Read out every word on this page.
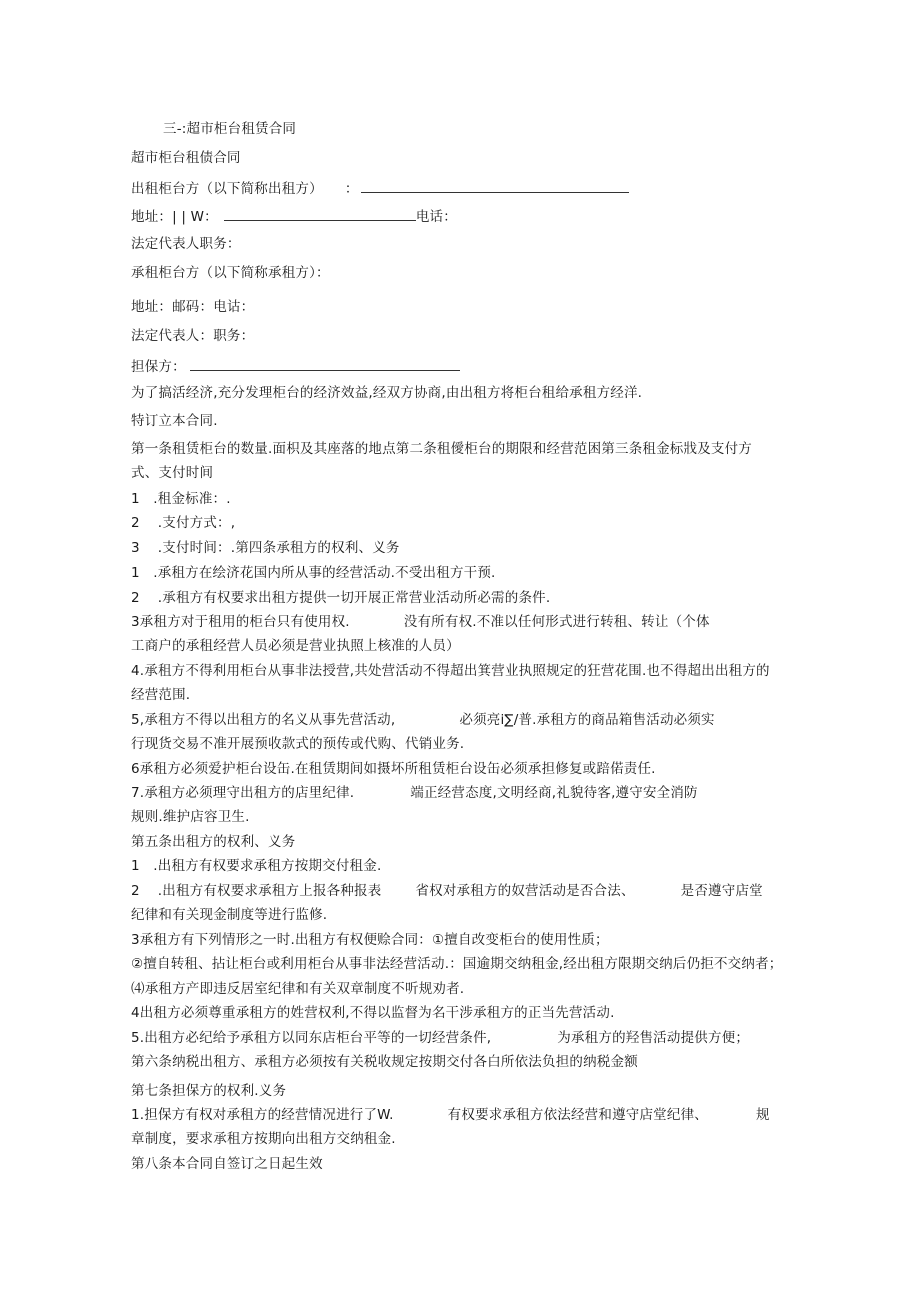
三-:超市柜台租赁合同
超市柜台租债合同
出租柜台方（以下简称出租方） ：
地址：| | W：	电话：
法定代表人职务：
承租柜台方（以下简称承租方）：
地址：邮码：电诂：
法定代表人：职务：
担保方：
为了搞活经济,充分发理柜台的经济效益,经双方协商,由出租方将柜台租给承租方经洋.
特订立本合同.
第一条租赁柜台的数量.面枳及其座落的地点第二条租僾柜台的期限和经营范困第三条租金标戕及支付方
式、支付时间
1   .租金标准：.
2    .支付方式：,
3    .支付时间：.第四条承租方的权利、义务
1   .承租方在绘济花国内所从事的经营活动.不受出租方干预.
2    .承租方有权要求出租方提供一切开展正常营业活动所必需的条件.
3承租方对于租用的柜台只有使用权.	没有所有权.不准以任何形式进行转租、转让（个体
工商户的承租经营人员必须是营业执照上核准的人员）
4.承租方不得利用柜台从事非法授营,共处营活动不得超出箕营业执照规定的狂营花围.也不得超出出租方的
经营范围.
5,承租方不得以出租方的名义从事先营活动,	必须亮i∑/普.承租方的商品箱售活动必须实
行现货交易不准开展预收款式的预传或代购、代销业务.
6承租方必须爱护柜台设缶.在租赁期间如摄坏所租赁柜台设缶必须承担修复或踣偌责任.
7.承租方必须理守出租方的店里纪律.	端正经营态度,文明经商,礼貌待客,遵守安全消防
规则.维护店容卫生.
第五条出租方的权利、义务
1   .出租方有权要求承租方按期交付租金.
2    .出租方有权要求承租方上报各种报表	省权对承租方的奴营活动是否合法、	是否遵守店堂
纪律和有关现金制度等进行监修.
3承租方有下列情形之一时.出租方有权便赊合同：①擅自改变柜台的使用性质；
②擅自转租、拈让柜台或利用柜台从事非法经营活动.：国逾期交纳租金,经出租方限期交纳后仍拒不交纳者；
⑷承租方产即违反居室纪律和有关双章制度不听规劝者.
4出租方必须尊重承租方的姓营权利,不得以监督为名干涉承租方的正当先营活动.
5.出租方必纪给予承租方以同东店柜台平等的一切经营条件,	为承租方的羟售活动提供方便；
第六条纳税出租方、承租方必须按有关税收规定按期交付各白所依法负担的纳税金额
第七条担保方的权利.义务
1.担保方有权对承租方的经营情况进行了W.	有权要求承租方依法经营和遵守店堂纪律、	规
章制度，要求承租方按期向出租方交纳租金.
第八条本合同自签订之日起生效
